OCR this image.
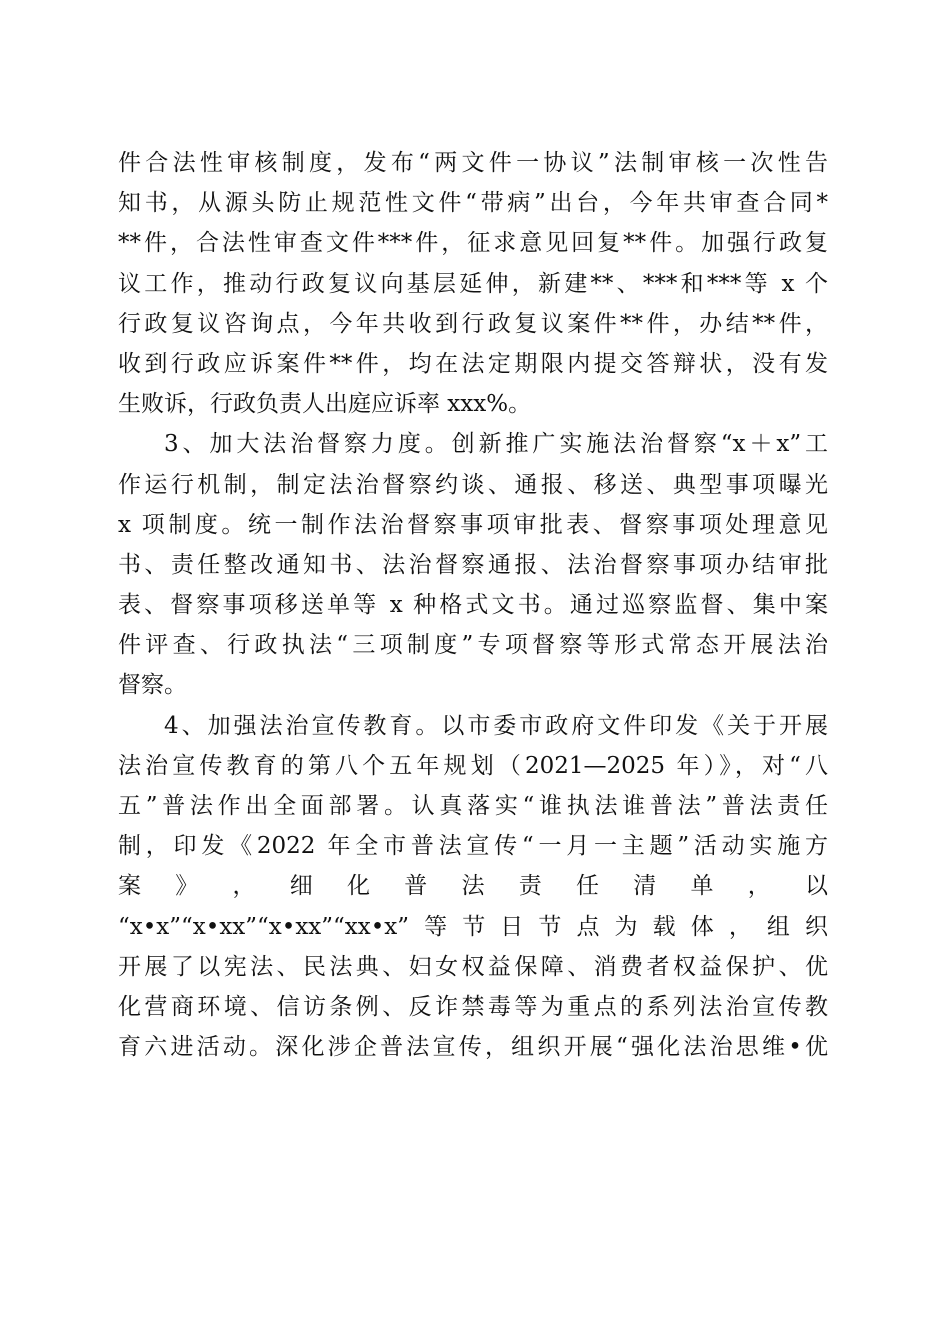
件合法性审核制度，发布“两文件一协议”法制审核一次性告
知书，从源头防止规范性文件“带病”出台，今年共审查合同*
**件，合法性审查文件***件，征求意见回复**件。加强行政复
议工作，推动行政复议向基层延伸，新建**、***和***等 x 个
行政复议咨询点，今年共收到行政复议案件**件，办结**件，
收到行政应诉案件**件，均在法定期限内提交答辩状，没有发
生败诉，行政负责人出庭应诉率 xxx%。
3、加大法治督察力度。创新推广实施法治督察“x＋x”工
作运行机制，制定法治督察约谈、通报、移送、典型事项曝光
x 项制度。统一制作法治督察事项审批表、督察事项处理意见
书、责任整改通知书、法治督察通报、法治督察事项办结审批
表、督察事项移送单等 x 种格式文书。通过巡察监督、集中案
件评查、行政执法“三项制度”专项督察等形式常态开展法治
督察。
4、加强法治宣传教育。以市委市政府文件印发《关于开展
法治宣传教育的第八个五年规划（2021—2025 年）》，对“八
五”普法作出全面部署。认真落实“谁执法谁普法”普法责任
制，印发《2022 年全市普法宣传“一月一主题”活动实施方
案 》 ， 细 化 普 法 责 任 清 单 ， 以
“x•x”“x•xx”“x•xx”“xx•x”等节日节点为载体，组织
开展了以宪法、民法典、妇女权益保障、消费者权益保护、优
化营商环境、信访条例、反诈禁毒等为重点的系列法治宣传教
育六进活动。深化涉企普法宣传，组织开展“强化法治思维•优
